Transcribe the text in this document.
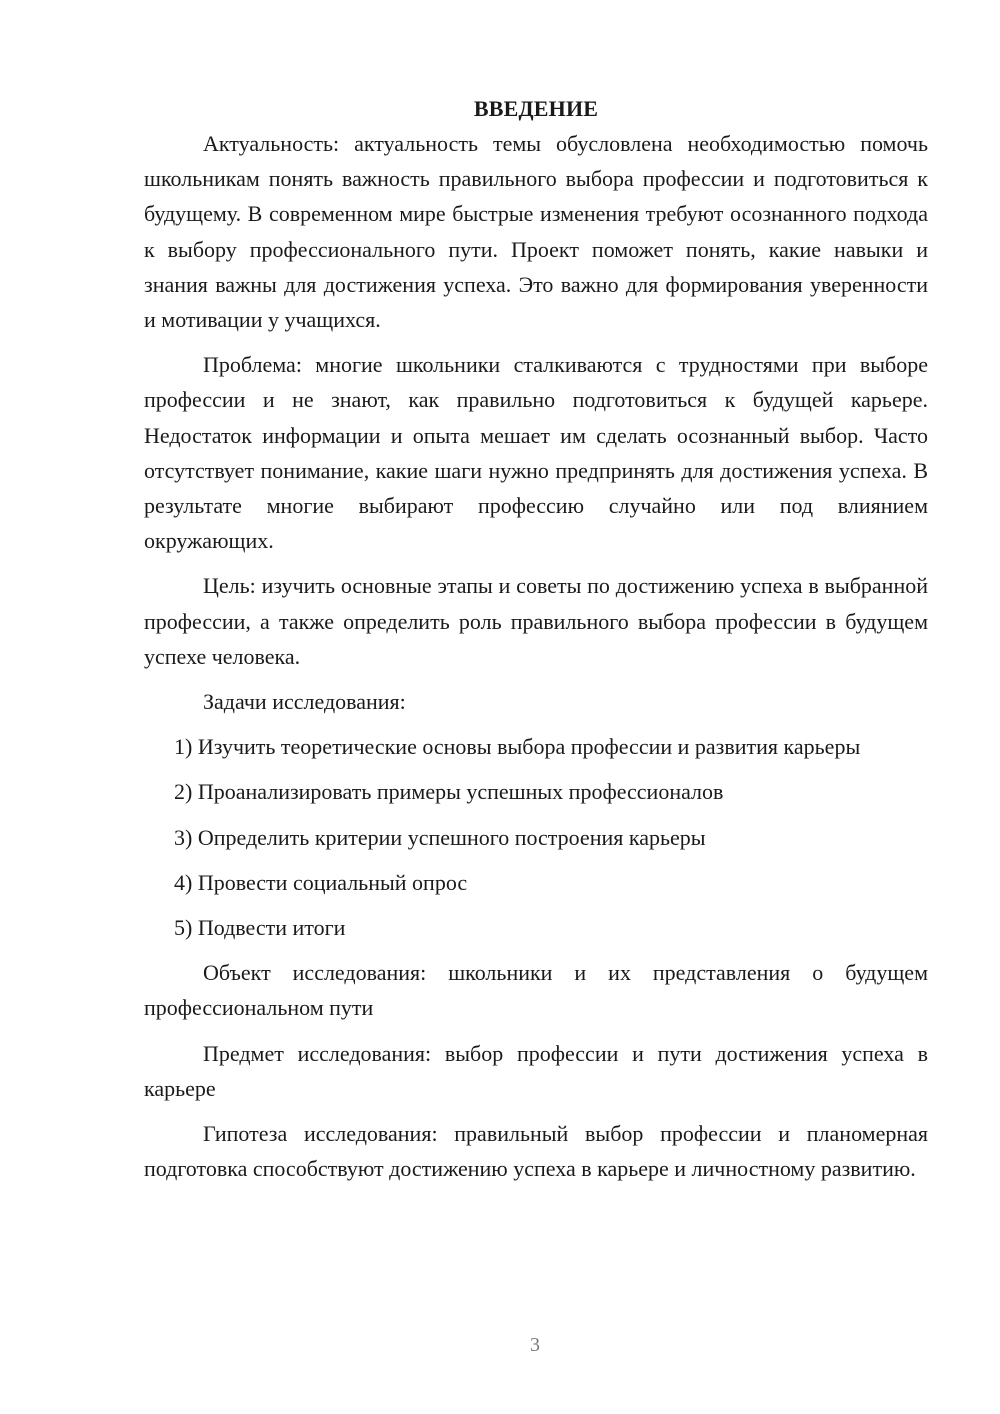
ВВЕДЕНИЕ

Актуальность: актуальность темы обусловлена необходимостью помочь школьникам понять важность правильного выбора профессии и подготовиться к будущему. В современном мире быстрые изменения требуют осознанного подхода к выбору профессионального пути. Проект поможет понять, какие навыки и знания важны для достижения успеха. Это важно для формирования уверенности и мотивации у учащихся.

Проблема: многие школьники сталкиваются с трудностями при выборе профессии и не знают, как правильно подготовиться к будущей карьере. Недостаток информации и опыта мешает им сделать осознанный выбор. Часто отсутствует понимание, какие шаги нужно предпринять для достижения успеха. В результате многие выбирают профессию случайно или под влиянием окружающих.

Цель: изучить основные этапы и советы по достижению успеха в выбранной профессии, а также определить роль правильного выбора профессии в будущем успехе человека.

Задачи исследования:

1) Изучить теоретические основы выбора профессии и развития карьеры

2) Проанализировать примеры успешных профессионалов

3) Определить критерии успешного построения карьеры

4) Провести социальный опрос

5) Подвести итоги

Объект исследования: школьники и их представления о будущем профессиональном пути

Предмет исследования: выбор профессии и пути достижения успеха в карьере

Гипотеза исследования: правильный выбор профессии и планомерная подготовка способствуют достижению успеха в карьере и личностному развитию.

3
